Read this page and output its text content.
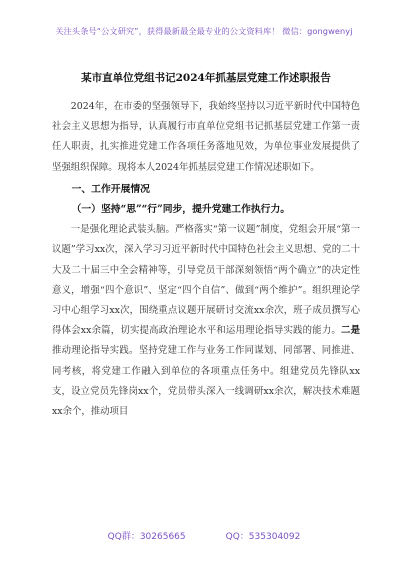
关注头条号“公文研究”，获得最新最全最专业的公文资料库！ 微信：gongwenyj
某市直单位党组书记2024年抓基层党建工作述职报告

2024年，在市委的坚强领导下，我始终坚持以习近平新时代中国特色社会主义思想为指导，认真履行市直单位党组书记抓基层党建工作第一责任人职责，扎实推进党建工作各项任务落地见效，为单位事业发展提供了坚强组织保障。现将本人2024年抓基层党建工作情况述职如下。

一、工作开展情况
（一）坚持“思”“行”同步，提升党建工作执行力。

一是强化理论武装头脑。严格落实“第一议题”制度，党组会开展“第一议题”学习xx次，深入学习习近平新时代中国特色社会主义思想、党的二十大及二十届三中全会精神等，引导党员干部深刻领悟“两个确立”的决定性意义，增强“四个意识”、坚定“四个自信”、做到“两个维护”。组织理论学习中心组学习xx次，围绕重点议题开展研讨交流xx余次，班子成员撰写心得体会xx余篇，切实提高政治理论水平和运用理论指导实践的能力。二是推动理论指导实践。坚持党建工作与业务工作同谋划、同部署、同推进、同考核，将党建工作融入到单位的各项重点任务中。组建党员先锋队xx支，设立党员先锋岗xx个，党员带头深入一线调研xx余次，解决技术难题xx余个，推动项目

QQ群：30265665	QQ：535304092
